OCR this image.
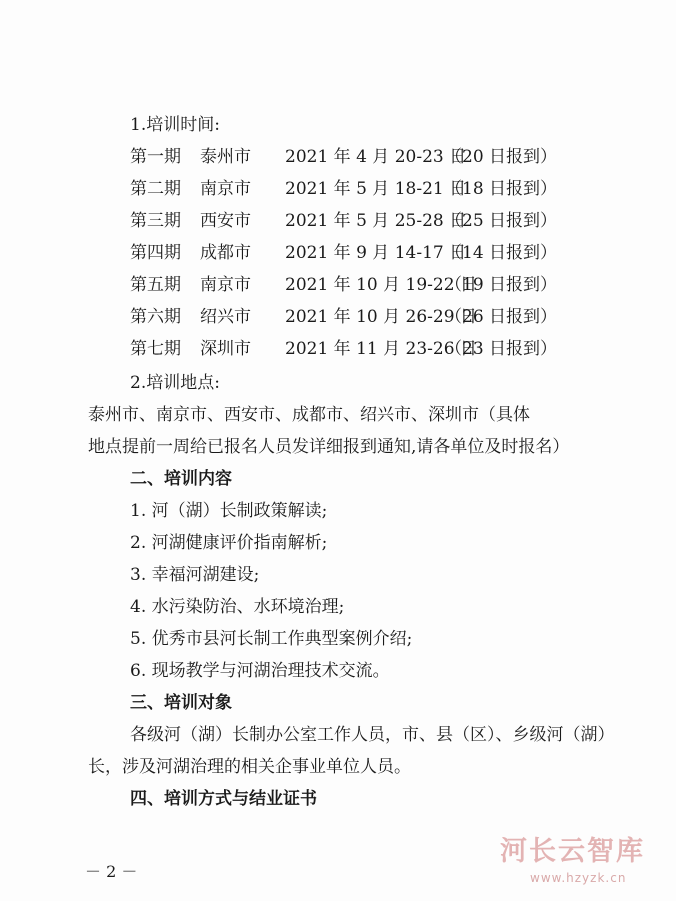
1.培训时间:
第一期 泰州市 2021 年 4 月 20-23 日
（20 日报到）
第二期 南京市 2021 年 5 月 18-21 日
（18 日报到）
第三期 西安市 2021 年 5 月 25-28 日
（25 日报到）
第四期 成都市 2021 年 9 月 14-17 日
（14 日报到）
第五期 南京市 2021 年 10 月 19-22 日
（19 日报到）
第六期 绍兴市 2021 年 10 月 26-29 日
（26 日报到）
第七期 深圳市 2021 年 11 月 23-26 日
（23 日报到）
2.培训地点:
泰州市、南京市、西安市、成都市、绍兴市、深圳市（具体
地点提前一周给已报名人员发详细报到通知,请各单位及时报名）
二、培训内容
1. 河（湖）长制政策解读;
2. 河湖健康评价指南解析;
3. 幸福河湖建设;
4. 水污染防治、水环境治理;
5. 优秀市县河长制工作典型案例介绍;
6. 现场教学与河湖治理技术交流。
三、培训对象
各级河（湖）长制办公室工作人员，市、县（区）、乡级河（湖）
长，涉及河湖治理的相关企事业单位人员。
四、培训方式与结业证书
－ 2 －
河长云智库
www.hzyzk.cn
